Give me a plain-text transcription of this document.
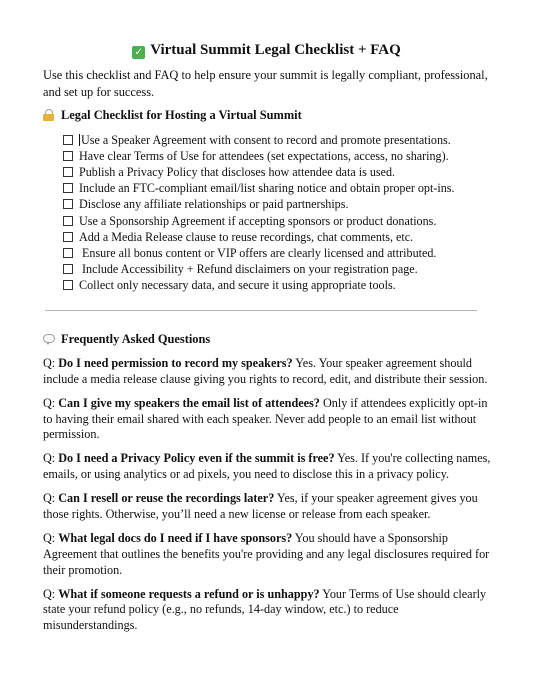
✓ Virtual Summit Legal Checklist + FAQ
Use this checklist and FAQ to help ensure your summit is legally compliant, professional, and set up for success.
Legal Checklist for Hosting a Virtual Summit
Use a Speaker Agreement with consent to record and promote presentations.
Have clear Terms of Use for attendees (set expectations, access, no sharing).
Publish a Privacy Policy that discloses how attendee data is used.
Include an FTC-compliant email/list sharing notice and obtain proper opt-ins.
Disclose any affiliate relationships or paid partnerships.
Use a Sponsorship Agreement if accepting sponsors or product donations.
Add a Media Release clause to reuse recordings, chat comments, etc.
Ensure all bonus content or VIP offers are clearly licensed and attributed.
Include Accessibility + Refund disclaimers on your registration page.
Collect only necessary data, and secure it using appropriate tools.
Frequently Asked Questions
Q: Do I need permission to record my speakers? Yes. Your speaker agreement should include a media release clause giving you rights to record, edit, and distribute their session.
Q: Can I give my speakers the email list of attendees? Only if attendees explicitly opt-in to having their email shared with each speaker. Never add people to an email list without permission.
Q: Do I need a Privacy Policy even if the summit is free? Yes. If you're collecting names, emails, or using analytics or ad pixels, you need to disclose this in a privacy policy.
Q: Can I resell or reuse the recordings later? Yes, if your speaker agreement gives you those rights. Otherwise, you’ll need a new license or release from each speaker.
Q: What legal docs do I need if I have sponsors? You should have a Sponsorship Agreement that outlines the benefits you're providing and any legal disclosures required for their promotion.
Q: What if someone requests a refund or is unhappy? Your Terms of Use should clearly state your refund policy (e.g., no refunds, 14-day window, etc.) to reduce misunderstandings.
